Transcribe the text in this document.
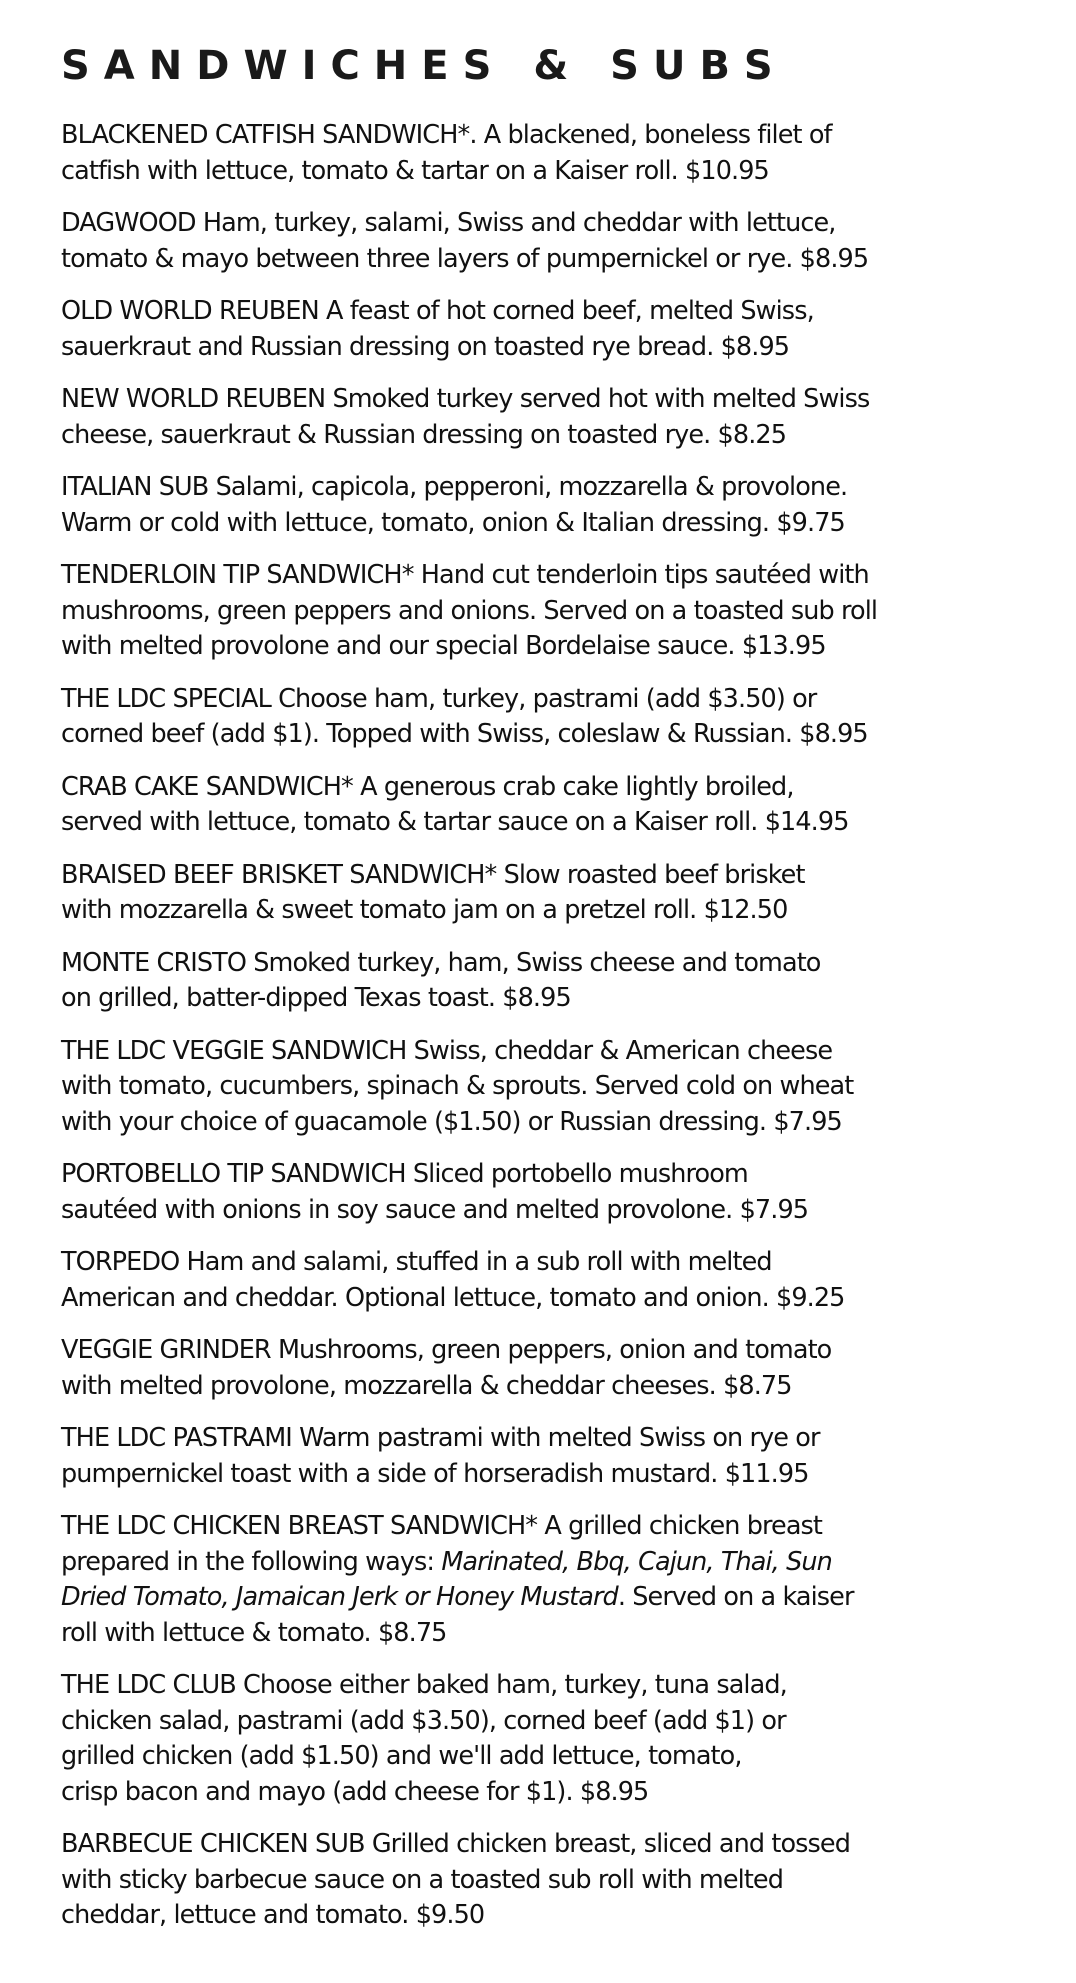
SANDWICHES & SUBS
BLACKENED CATFISH SANDWICH*. A blackened, boneless filet of
catfish with lettuce, tomato & tartar on a Kaiser roll. $10.95
DAGWOOD Ham, turkey, salami, Swiss and cheddar with lettuce,
tomato & mayo between three layers of pumpernickel or rye. $8.95
OLD WORLD REUBEN A feast of hot corned beef, melted Swiss,
sauerkraut and Russian dressing on toasted rye bread. $8.95
NEW WORLD REUBEN Smoked turkey served hot with melted Swiss
cheese, sauerkraut & Russian dressing on toasted rye. $8.25
ITALIAN SUB Salami, capicola, pepperoni, mozzarella & provolone.
Warm or cold with lettuce, tomato, onion & Italian dressing. $9.75
TENDERLOIN TIP SANDWICH* Hand cut tenderloin tips sautéed with
mushrooms, green peppers and onions. Served on a toasted sub roll
with melted provolone and our special Bordelaise sauce. $13.95
THE LDC SPECIAL Choose ham, turkey, pastrami (add $3.50) or
corned beef (add $1). Topped with Swiss, coleslaw & Russian. $8.95
CRAB CAKE SANDWICH* A generous crab cake lightly broiled,
served with lettuce, tomato & tartar sauce on a Kaiser roll. $14.95
BRAISED BEEF BRISKET SANDWICH* Slow roasted beef brisket
with mozzarella & sweet tomato jam on a pretzel roll. $12.50
MONTE CRISTO Smoked turkey, ham, Swiss cheese and tomato
on grilled, batter-dipped Texas toast. $8.95
THE LDC VEGGIE SANDWICH Swiss, cheddar & American cheese
with tomato, cucumbers, spinach & sprouts. Served cold on wheat
with your choice of guacamole ($1.50) or Russian dressing. $7.95
PORTOBELLO TIP SANDWICH Sliced portobello mushroom
sautéed with onions in soy sauce and melted provolone. $7.95
TORPEDO Ham and salami, stuffed in a sub roll with melted
American and cheddar. Optional lettuce, tomato and onion. $9.25
VEGGIE GRINDER Mushrooms, green peppers, onion and tomato
with melted provolone, mozzarella & cheddar cheeses. $8.75
THE LDC PASTRAMI Warm pastrami with melted Swiss on rye or
pumpernickel toast with a side of horseradish mustard. $11.95
THE LDC CHICKEN BREAST SANDWICH* A grilled chicken breast
prepared in the following ways: Marinated, Bbq, Cajun, Thai, Sun
Dried Tomato, Jamaican Jerk or Honey Mustard. Served on a kaiser
roll with lettuce & tomato. $8.75
THE LDC CLUB Choose either baked ham, turkey, tuna salad,
chicken salad, pastrami (add $3.50), corned beef (add $1) or
grilled chicken (add $1.50) and we'll add lettuce, tomato,
crisp bacon and mayo (add cheese for $1). $8.95
BARBECUE CHICKEN SUB Grilled chicken breast, sliced and tossed
with sticky barbecue sauce on a toasted sub roll with melted
cheddar, lettuce and tomato. $9.50
